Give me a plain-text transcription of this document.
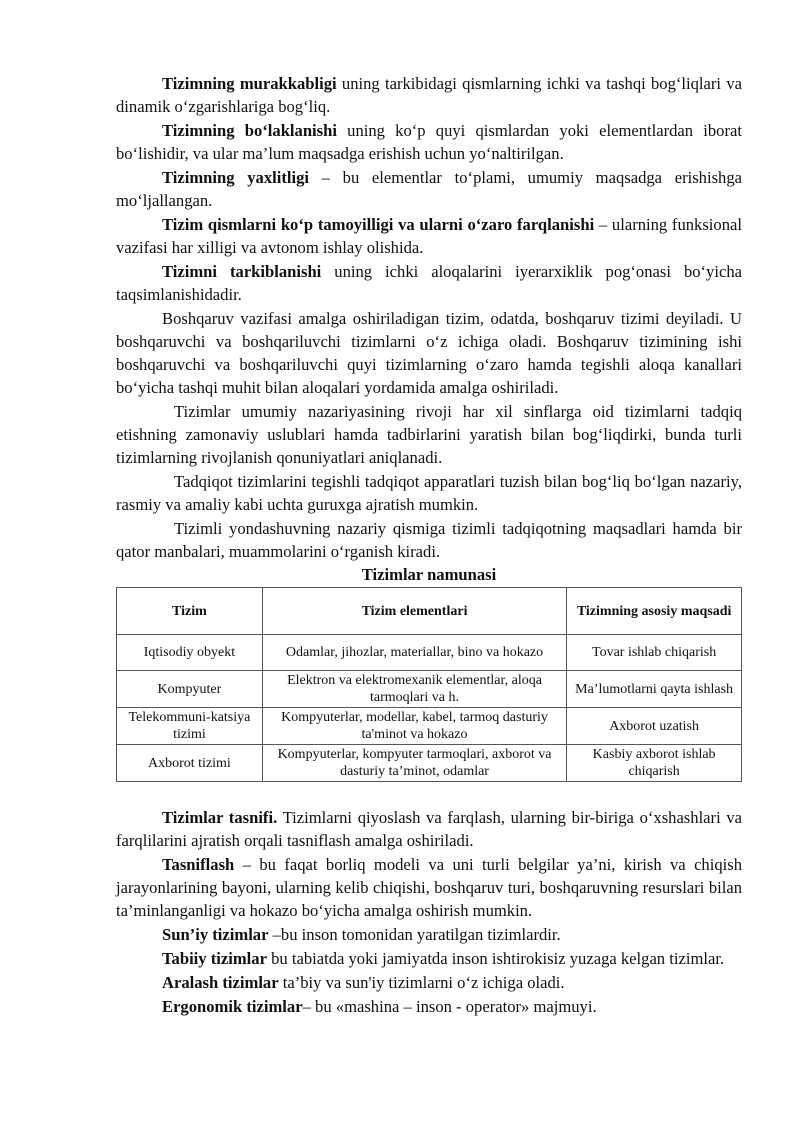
Tizimning murakkabligi uning tarkibidagi qismlarning ichki va tashqi bog‘liqlari va dinamik o‘zgarishlariga bog‘liq.

Tizimning bo‘laklanishi uning ko‘p quyi qismlardan yoki elementlardan iborat bo‘lishidir, va ular ma’lum maqsadga erishish uchun yo‘naltirilgan.

Tizimning yaxlitligi – bu elementlar to‘plami, umumiy maqsadga erishishga mo‘ljallangan.

Tizim qismlarni ko‘p tamoyilligi va ularni o‘zaro farqlanishi – ularning funksional vazifasi har xilligi va avtonom ishlay olishida.

Tizimni tarkiblanishi uning ichki aloqalarini iyerarxiklik pog‘onasi bo‘yicha taqsimlanishidadir.

Boshqaruv vazifasi amalga oshiriladigan tizim, odatda, boshqaruv tizimi deyiladi. U boshqaruvchi va boshqariluvchi tizimlarni o‘z ichiga oladi. Boshqaruv tizimining ishi boshqaruvchi va boshqariluvchi quyi tizimlarning o‘zaro hamda tegishli aloqa kanallari bo‘yicha tashqi muhit bilan aloqalari yordamida amalga oshiriladi.

Tizimlar umumiy nazariyasining rivoji har xil sinflarga oid tizimlarni tadqiq etishning zamonaviy uslublari hamda tadbirlarini yaratish bilan bog‘liqdirki, bunda turli tizimlarning rivojlanish qonuniyatlari aniqlanadi.

Tadqiqot tizimlarini tegishli tadqiqot apparatlari tuzish bilan bog‘liq bo‘lgan nazariy, rasmiy va amaliy kabi uchta guruxga ajratish mumkin.

Tizimli yondashuvning nazariy qismiga tizimli tadqiqotning maqsadlari hamda bir qator manbalari, muammolarini o‘rganish kiradi.

Tizimlar namunasi
Tizim	Tizim elementlari	Tizimning asosiy maqsadi
Iqtisodiy obyekt	Odamlar, jihozlar, materiallar, bino va hokazo	Tovar ishlab chiqarish
Kompyuter	Elektron va elektromexanik elementlar, aloqa tarmoqlari va h.	Ma’lumotlarni qayta ishlash
Telekommuni-katsiya tizimi	Kompyuterlar, modellar, kabel, tarmoq dasturiy ta'minot va hokazo	Axborot uzatish
Axborot tizimi	Kompyuterlar, kompyuter tarmoqlari, axborot va dasturiy ta’minot, odamlar	Kasbiy axborot ishlab chiqarish

Tizimlar tasnifi. Tizimlarni qiyoslash va farqlash, ularning bir-biriga o‘xshashlari va farqlilarini ajratish orqali tasniflash amalga oshiriladi.

Tasniflash – bu faqat borliq modeli va uni turli belgilar ya’ni, kirish va chiqish jarayonlarining bayoni, ularning kelib chiqishi, boshqaruv turi, boshqaruvning resurslari bilan ta’minlanganligi va hokazo bo‘yicha amalga oshirish mumkin.

Sun’iy tizimlar –bu inson tomonidan yaratilgan tizimlardir.

Tabiiy tizimlar bu tabiatda yoki jamiyatda inson ishtirokisiz yuzaga kelgan tizimlar.

Aralash tizimlar ta’biy va sun'iy tizimlarni o‘z ichiga oladi.

Ergonomik tizimlar– bu «mashina – inson - operator» majmuyi.
